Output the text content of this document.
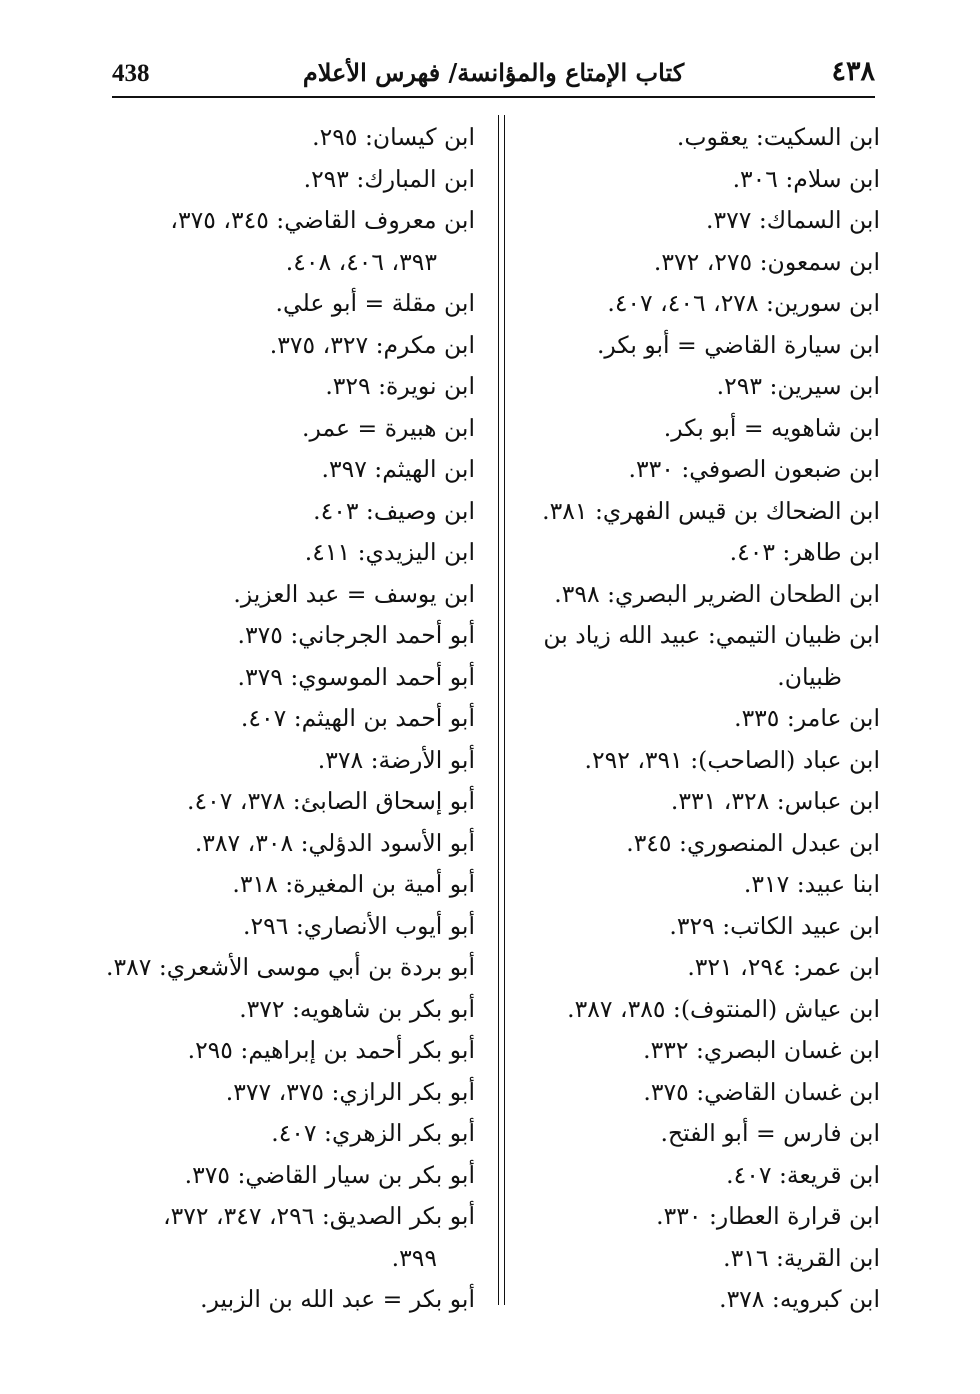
438	كتاب الإمتاع والمؤانسة/ فهرس الأعلام	٤٣٨
ابن السكيت: يعقوب.
ابن سلام: ٣٠٦.
ابن السماك: ٣٧٧.
ابن سمعون: ٢٧٥، ٣٧٢.
ابن سورين: ٢٧٨، ٤٠٦، ٤٠٧.
ابن سيارة القاضي = أبو بكر.
ابن سيرين: ٢٩٣.
ابن شاهويه = أبو بكر.
ابن ضبعون الصوفي: ٣٣٠.
ابن الضحاك بن قيس الفهري: ٣٨١.
ابن طاهر: ٤٠٣.
ابن الطحان الضرير البصري: ٣٩٨.
ابن ظبيان التيمي: عبيد الله زياد بن
ظبيان.
ابن عامر: ٣٣٥.
ابن عباد (الصاحب): ٣٩١، ٢٩٢.
ابن عباس: ٣٢٨، ٣٣١.
ابن عبدل المنصوري: ٣٤٥.
ابنا عبيد: ٣١٧.
ابن عبيد الكاتب: ٣٢٩.
ابن عمر: ٢٩٤، ٣٢١.
ابن عياش (المنتوف): ٣٨٥، ٣٨٧.
ابن غسان البصري: ٣٣٢.
ابن غسان القاضي: ٣٧٥.
ابن فارس = أبو الفتح.
ابن قريعة: ٤٠٧.
ابن قرارة العطار: ٣٣٠.
ابن القرية: ٣١٦.
ابن كبرويه: ٣٧٨.
ابن كيسان: ٢٩٥.
ابن المبارك: ٢٩٣.
ابن معروف القاضي: ٣٤٥، ٣٧٥،
٣٩٣، ٤٠٦، ٤٠٨.
ابن مقلة = أبو علي.
ابن مكرم: ٣٢٧، ٣٧٥.
ابن نويرة: ٣٢٩.
ابن هبيرة = عمر.
ابن الهيثم: ٣٩٧.
ابن وصيف: ٤٠٣.
ابن اليزيدي: ٤١١.
ابن يوسف = عبد العزيز.
أبو أحمد الجرجاني: ٣٧٥.
أبو أحمد الموسوي: ٣٧٩.
أبو أحمد بن الهيثم: ٤٠٧.
أبو الأرضة: ٣٧٨.
أبو إسحاق الصابئ: ٣٧٨، ٤٠٧.
أبو الأسود الدؤلي: ٣٠٨، ٣٨٧.
أبو أمية بن المغيرة: ٣١٨.
أبو أيوب الأنصاري: ٢٩٦.
أبو بردة بن أبي موسى الأشعري: ٣٨٧.
أبو بكر بن شاهويه: ٣٧٢.
أبو بكر أحمد بن إبراهيم: ٢٩٥.
أبو بكر الرازي: ٣٧٥، ٣٧٧.
أبو بكر الزهري: ٤٠٧.
أبو بكر بن سيار القاضي: ٣٧٥.
أبو بكر الصديق: ٢٩٦، ٣٤٧، ٣٧٢،
٣٩٩.
أبو بكر = عبد الله بن الزبير.
